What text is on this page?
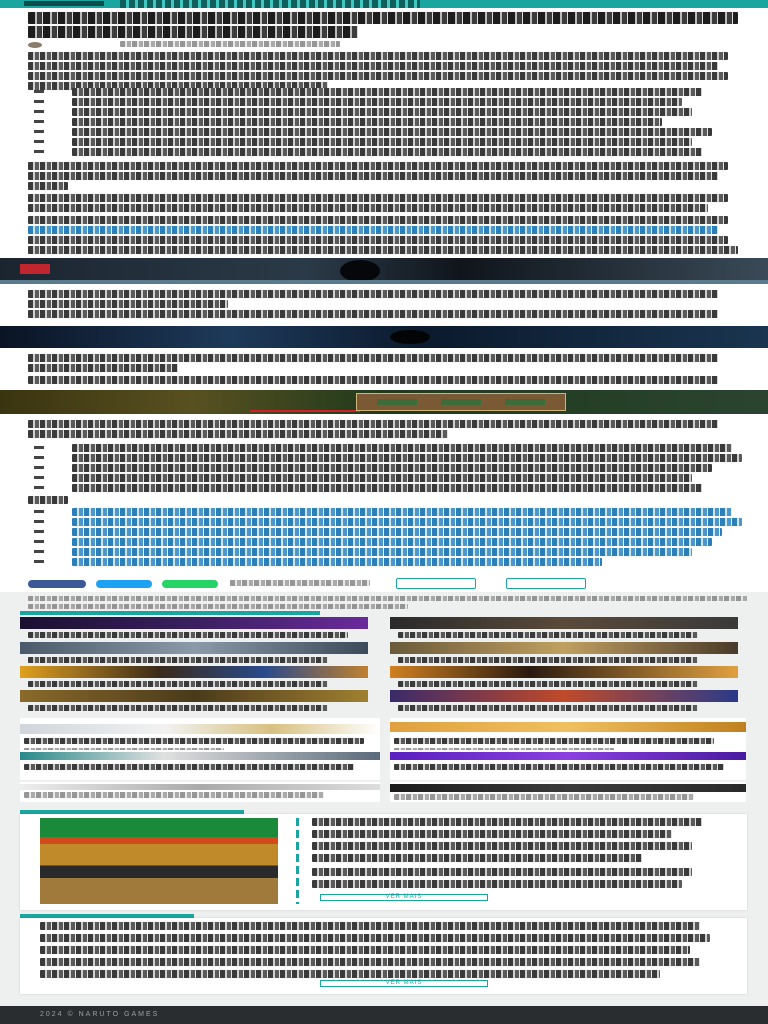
VER MAIS
VER MAIS
2024 © NARUTO GAMES
